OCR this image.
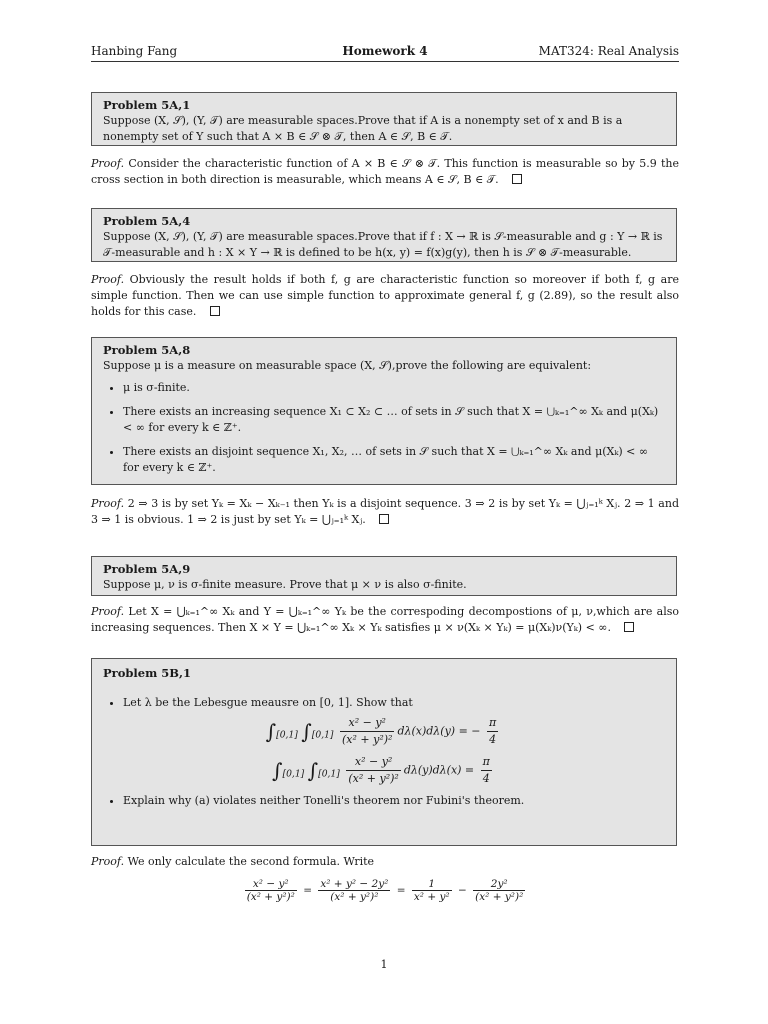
Hanbing Fang	Homework 4	MAT324: Real Analysis
Problem 5A,1
Suppose (X, 𝒮), (Y, 𝒯) are measurable spaces.Prove that if A is a nonempty set of x and B is a nonempty set of Y such that A × B ∈ 𝒮 ⊗ 𝒯, then A ∈ 𝒮, B ∈ 𝒯.
Proof. Consider the characteristic function of A × B ∈ 𝒮 ⊗ 𝒯. This function is measurable so by 5.9 the cross section in both direction is measurable, which means A ∈ 𝒮, B ∈ 𝒯.
Problem 5A,4
Suppose (X, 𝒮), (Y, 𝒯) are measurable spaces.Prove that if f : X → ℝ is 𝒮-measurable and g : Y → ℝ is 𝒯-measurable and h : X × Y → ℝ is defined to be h(x, y) = f(x)g(y), then h is 𝒮 ⊗ 𝒯-measurable.
Proof. Obviously the result holds if both f, g are characteristic function so moreover if both f, g are simple function. Then we can use simple function to approximate general f, g (2.89), so the result also holds for this case.
Problem 5A,8
Suppose μ is a measure on measurable space (X, 𝒮),prove the following are equivalent:
• μ is σ-finite.
• There exists an increasing sequence X₁ ⊂ X₂ ⊂ … of sets in 𝒮 such that X = ⋃ₖ₌₁^∞ Xₖ and μ(Xₖ) < ∞ for every k ∈ ℤ⁺.
• There exists an disjoint sequence X₁, X₂, … of sets in 𝒮 such that X = ⋃ₖ₌₁^∞ Xₖ and μ(Xₖ) < ∞ for every k ∈ ℤ⁺.
Proof. 2 ⇒ 3 is by set Yₖ = Xₖ − Xₖ₋₁ then Yₖ is a disjoint sequence. 3 ⇒ 2 is by set Yₖ = ⋃ⱼ₌₁ᵏ Xⱼ. 2 ⇒ 1 and 3 ⇒ 1 is obvious. 1 ⇒ 2 is just by set Yₖ = ⋃ⱼ₌₁ᵏ Xⱼ.
Problem 5A,9
Suppose μ, ν is σ-finite measure. Prove that μ × ν is also σ-finite.
Proof. Let X = ⋃ₖ₌₁^∞ Xₖ and Y = ⋃ₖ₌₁^∞ Yₖ be the correspoding decompostions of μ, ν,which are also increasing sequences. Then X × Y = ⋃ₖ₌₁^∞ Xₖ × Yₖ satisfies μ × ν(Xₖ × Yₖ) = μ(Xₖ)ν(Yₖ) < ∞.
Problem 5B,1
• Let λ be the Lebesgue meausre on [0, 1]. Show that
$\int_{[0,1]}$ $\int_{[0,1]} \frac{\text{x² − y²}}{\text{(x² + y²)²}} d\lambda(x)d\lambda(y)$ = − $\frac{\pi}{4}$
$\int_{[0,1]}$ $\int_{[0,1]} \frac{\text{x² − y²}}{\text{(x² + y²)²}} d\lambda(y)d\lambda(x) = \frac{\pi}{4}$
• Explain why (a) violates neither Tonelli's theorem nor Fubini's theorem.
Proof. We only calculate the second formula. Write
$\frac{\text{x² − y²}}{\text{(x² + y²)²}} = \frac{\text{x² + y² − 2y²}}{\text{(x² + y²)²}} = \frac{1}{\text{x² + y²}} - \frac{\text{2y²}}{\text{(x² + y²)²}}$
1
